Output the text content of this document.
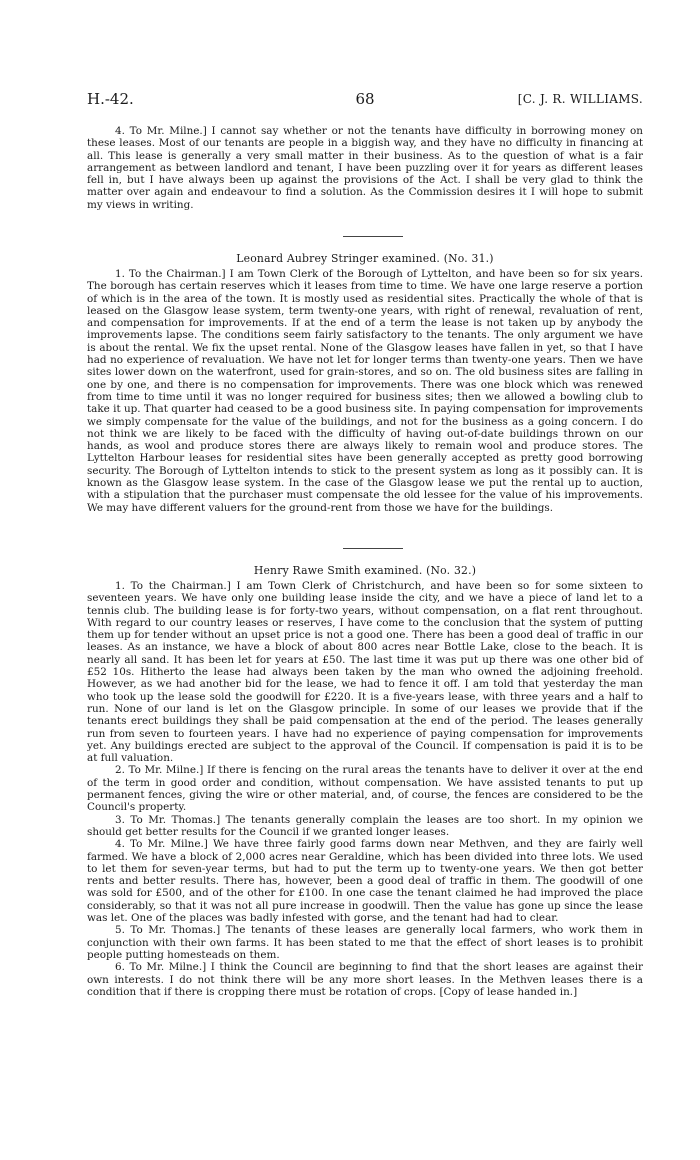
H.-42.	68	[C. J. R. WILLIAMS.

4. To Mr. Milne.] I cannot say whether or not the tenants have difficulty in borrowing money on these leases. Most of our tenants are people in a biggish way, and they have no difficulty in financing at all. This lease is generally a very small matter in their business. As to the question of what is a fair arrangement as between landlord and tenant, I have been puzzling over it for years as different leases fell in, but I have always been up against the provisions of the Act. I shall be very glad to think the matter over again and endeavour to find a solution. As the Commission desires it I will hope to submit my views in writing.

Leonard Aubrey Stringer examined. (No. 31.)

1. To the Chairman.] I am Town Clerk of the Borough of Lyttelton, and have been so for six years. The borough has certain reserves which it leases from time to time. We have one large reserve a portion of which is in the area of the town. It is mostly used as residential sites. Practically the whole of that is leased on the Glasgow lease system, term twenty-one years, with right of renewal, revaluation of rent, and compensation for improvements. If at the end of a term the lease is not taken up by anybody the improvements lapse. The conditions seem fairly satisfactory to the tenants. The only argument we have is about the rental. We fix the upset rental. None of the Glasgow leases have fallen in yet, so that I have had no experience of revaluation. We have not let for longer terms than twenty-one years. Then we have sites lower down on the waterfront, used for grain-stores, and so on. The old business sites are falling in one by one, and there is no compensation for improvements. There was one block which was renewed from time to time until it was no longer required for business sites; then we allowed a bowling club to take it up. That quarter had ceased to be a good business site. In paying compensation for improvements we simply compensate for the value of the buildings, and not for the business as a going concern. I do not think we are likely to be faced with the difficulty of having out-of-date buildings thrown on our hands, as wool and produce stores there are always likely to remain wool and produce stores. The Lyttelton Harbour leases for residential sites have been generally accepted as pretty good borrowing security. The Borough of Lyttelton intends to stick to the present system as long as it possibly can. It is known as the Glasgow lease system. In the case of the Glasgow lease we put the rental up to auction, with a stipulation that the purchaser must compensate the old lessee for the value of his improvements. We may have different valuers for the ground-rent from those we have for the buildings.

Henry Rawe Smith examined. (No. 32.)

1. To the Chairman.] I am Town Clerk of Christchurch, and have been so for some sixteen to seventeen years. We have only one building lease inside the city, and we have a piece of land let to a tennis club. The building lease is for forty-two years, without compensation, on a flat rent throughout. With regard to our country leases or reserves, I have come to the conclusion that the system of putting them up for tender without an upset price is not a good one. There has been a good deal of traffic in our leases. As an instance, we have a block of about 800 acres near Bottle Lake, close to the beach. It is nearly all sand. It has been let for years at £50. The last time it was put up there was one other bid of £52 10s. Hitherto the lease had always been taken by the man who owned the adjoining freehold. However, as we had another bid for the lease, we had to fence it off. I am told that yesterday the man who took up the lease sold the goodwill for £220. It is a five-years lease, with three years and a half to run. None of our land is let on the Glasgow principle. In some of our leases we provide that if the tenants erect buildings they shall be paid compensation at the end of the period. The leases generally run from seven to fourteen years. I have had no experience of paying compensation for improvements yet. Any buildings erected are subject to the approval of the Council. If compensation is paid it is to be at full valuation.

2. To Mr. Milne.] If there is fencing on the rural areas the tenants have to deliver it over at the end of the term in good order and condition, without compensation. We have assisted tenants to put up permanent fences, giving the wire or other material, and, of course, the fences are considered to be the Council's property.

3. To Mr. Thomas.] The tenants generally complain the leases are too short. In my opinion we should get better results for the Council if we granted longer leases.

4. To Mr. Milne.] We have three fairly good farms down near Methven, and they are fairly well farmed. We have a block of 2,000 acres near Geraldine, which has been divided into three lots. We used to let them for seven-year terms, but had to put the term up to twenty-one years. We then got better rents and better results. There has, however, been a good deal of traffic in them. The goodwill of one was sold for £500, and of the other for £100. In one case the tenant claimed he had improved the place considerably, so that it was not all pure increase in goodwill. Then the value has gone up since the lease was let. One of the places was badly infested with gorse, and the tenant had had to clear.

5. To Mr. Thomas.] The tenants of these leases are generally local farmers, who work them in conjunction with their own farms. It has been stated to me that the effect of short leases is to prohibit people putting homesteads on them.

6. To Mr. Milne.] I think the Council are beginning to find that the short leases are against their own interests. I do not think there will be any more short leases. In the Methven leases there is a condition that if there is cropping there must be rotation of crops. [Copy of lease handed in.]
